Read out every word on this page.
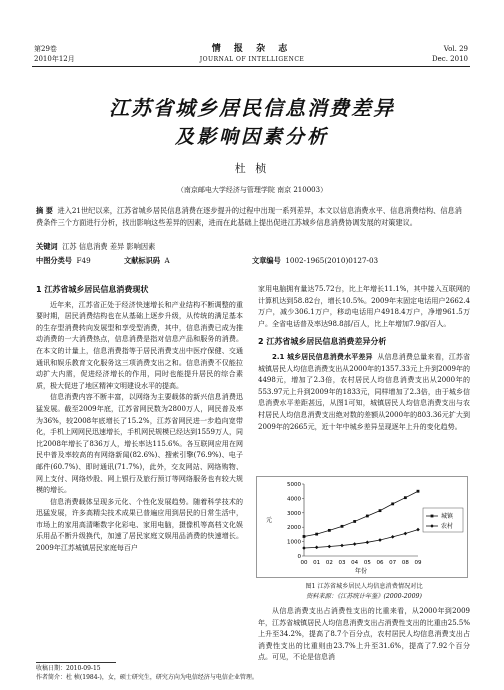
第29卷
2010年12月
情 报 杂 志
JOURNAL OF INTELLIGENCE
Vol. 29
Dec. 2010
江苏省城乡居民信息消费差异
及影响因素分析
杜 桢
（南京邮电大学经济与管理学院 南京 210003）
摘 要 进入21世纪以来，江苏省城乡居民信息消费在逐步提升的过程中出现一系列差异，本文以信息消费水平、信息消费结构、信息消费条件三个方面进行分析，找出影响这些差异的因素，进而在此基础上提出促进江苏城乡信息消费协调发展的对策建议。
关键词 江苏 信息消费 差异 影响因素
中图分类号 F49	文献标识码 A	文章编号 1002-1965(2010)0127-03
1 江苏省城乡居民信息消费现状
近年来，江苏省正处于经济快速增长和产业结构不断调整的重要时期，居民消费结构也在从基础上逐步升级，从传统的满足基本的生存型消费转向发展型和享受型消费，其中，信息消费已成为推动消费的一大消费热点，信息消费是指对信息产品和服务的消费。在本文的计量上，信息消费指等于居民消费支出中医疗保健、交通通讯和娱乐教育文化服务这三项消费支出之和。信息消费不仅能拉动扩大内需，促进经济增长的作用，同时也能提升居民的综合素质，极大促进了地区精神文明建设水平的提高。
信息消费内容不断丰富，以网络为主要载体的新兴信息消费迅猛发展。截至2009年底，江苏省网民数为2800万人，网民普及率为36%，较2008年底增长了15.2%，江苏省网民进一步趋向宽带化，手机上网网民迅速增长，手机网民规模已经达到1559万人，同比2008年增长了836万人，增长率达115.6%。各互联网应用在网民中普及率较高的有网络新闻(82.6%)、搜索引擎(76.9%)、电子邮件(60.7%)、即时通讯(71.7%)，此外，交友网站、网络购物、网上支付、网络炒股、网上银行及旅行预订等网络服务也有较大规模的增长。
信息消费载体呈现多元化、个性化发展趋势。随着科学技术的迅猛发展，许多高精尖技术成果已普遍应用到居民的日常生活中，市场上的家用高清晰数字化彩电、家用电脑，摄像机等高档文化娱乐用品不断升级换代，加速了居民家庭文娱用品消费的快速增长。2009年江苏城镇居民家庭每百户
家用电脑拥有量达75.72台，比上年增长11.1%，其中接入互联网的计算机达到58.82台，增长10.5%。2009年末固定电话用户2662.4万户，减少306.1万户，移动电话用户4918.4万户，净增961.5万户。全省电话普及率达98.8部/百人，比上年增加7.9部/百人。
2 江苏省城乡居民信息消费差异分析
2.1 城乡居民信息消费水平差异 从信息消费总量来看，江苏省城镇居民人均信息消费支出从2000年的1357.33元上升到2009年的4498元，增加了2.3倍，农村居民人均信息消费支出从2000年的553.97元上升到2009年的1833元，同样增加了2.3倍，由于城乡信息消费水平差距甚远，从图1可知，城镇居民人均信息消费支出与农村居民人均信息消费支出绝对数的差额从2000年的803.36元扩大到2009年的2665元，近十年中城乡差异呈现逐年上升的变化趋势。
0
1000
2000
3000
4000
5000
元
00 01 02 03 04 05 06 07 08 09
年份
城镇
农村
图1 江苏省城乡居民人均信息消费情况对比
资料来源：《江苏统计年鉴》(2000-2009)
从信息消费支出占消费性支出的比重来看，从2000年到2009年，江苏省城镇居民人均信息消费支出占消费性支出的比重由25.5%上升至34.2%，提高了8.7个百分点，农村居民人均信息消费支出占消费性支出的比重则由23.7%上升至31.6%，提高了7.92个百分点。可见，不论是信息消
收稿日期：2010-09-15
作者简介：杜 桢(1984-)，女，硕士研究生，研究方向为电信经济与电信企业管理。
